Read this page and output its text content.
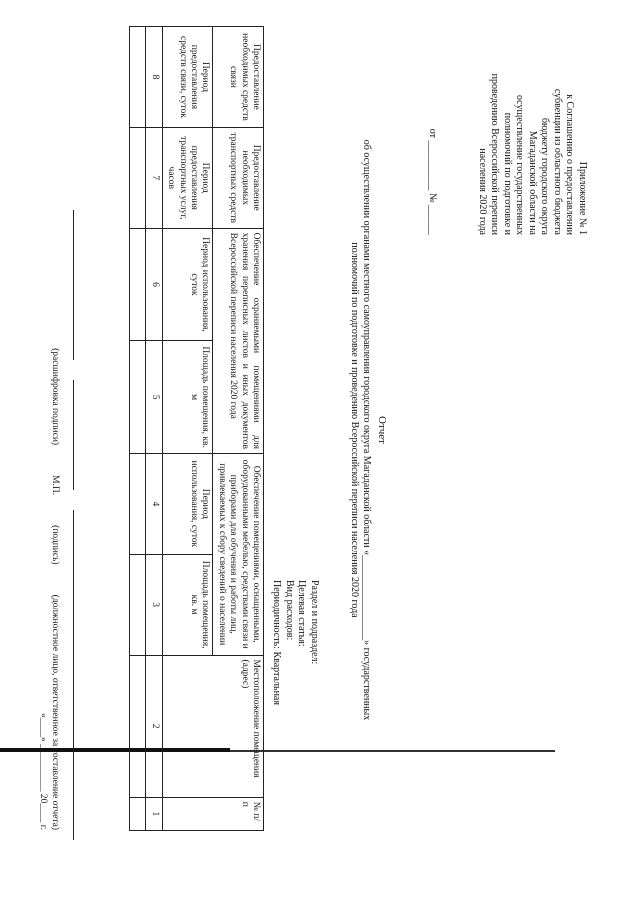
Приложение № 1
к Соглашению о предоставлении
субвенции из областного бюджета
бюджету городского округа
Магаданской области на
осуществление государственных
полномочий по подготовке и
проведению Всероссийской переписи
населения 2020 года
от __________ № ______
Отчет
об осуществлении органами местного самоуправления городского округа Магаданской области «_________________» государственных
полномочий по подготовке и проведению Всероссийской переписи населения 2020 года
Раздел и подраздел:
Целевая статья:
Вид расходов:
Периодичность: Квартальная
№ п/п	Местоположение помещения (адрес)	Обеспечение помещениями, оснащенными, оборудованными мебелью, средствами связи и приборами для обучения и работы лиц, привлекаемых к сбору сведений о населении		Обеспечение охраняемыми помещениями для хранения переписных листов и иных документов Всероссийской переписи населения 2020 года		Предоставление необходимых транспортных средств	Предоставление необходимых средств связи
		Площадь помещения, кв. м	Период использования, суток	Площадь помещения, кв. м	Период использования, суток	Период предоставления транспортных услуг, часов	Период предоставления средств связи, суток
1	2	3	4	5	6	7	8

(расшифровка подписи)
М.П.
(подпись)
(должностное лицо, ответственное за составление отчета)
«____» __________ 20____ г.
